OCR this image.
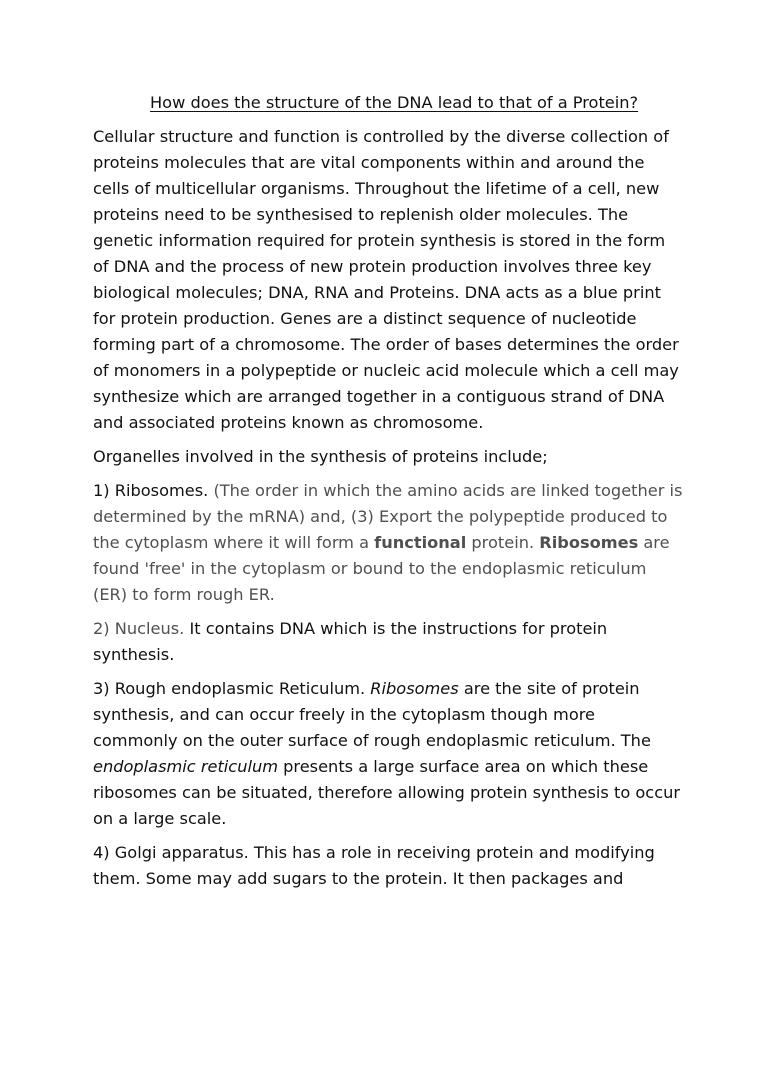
How does the structure of the DNA lead to that of a Protein?

Cellular structure and function is controlled by the diverse collection of proteins molecules that are vital components within and around the cells of multicellular organisms. Throughout the lifetime of a cell, new proteins need to be synthesised to replenish older molecules. The genetic information required for protein synthesis is stored in the form of DNA and the process of new protein production involves three key biological molecules; DNA, RNA and Proteins. DNA acts as a blue print for protein production. Genes are a distinct sequence of nucleotide forming part of a chromosome. The order of bases determines the order of monomers in a polypeptide or nucleic acid molecule which a cell may synthesize which are arranged together in a contiguous strand of DNA and associated proteins known as chromosome.

Organelles involved in the synthesis of proteins include;

1) Ribosomes. (The order in which the amino acids are linked together is determined by the mRNA) and, (3) Export the polypeptide produced to the cytoplasm where it will form a functional protein. Ribosomes are found 'free' in the cytoplasm or bound to the endoplasmic reticulum (ER) to form rough ER.

2) Nucleus. It contains DNA which is the instructions for protein synthesis.

3) Rough endoplasmic Reticulum. Ribosomes are the site of protein synthesis, and can occur freely in the cytoplasm though more commonly on the outer surface of rough endoplasmic reticulum. The endoplasmic reticulum presents a large surface area on which these ribosomes can be situated, therefore allowing protein synthesis to occur on a large scale.

4) Golgi apparatus. This has a role in receiving protein and modifying them. Some may add sugars to the protein. It then packages and
